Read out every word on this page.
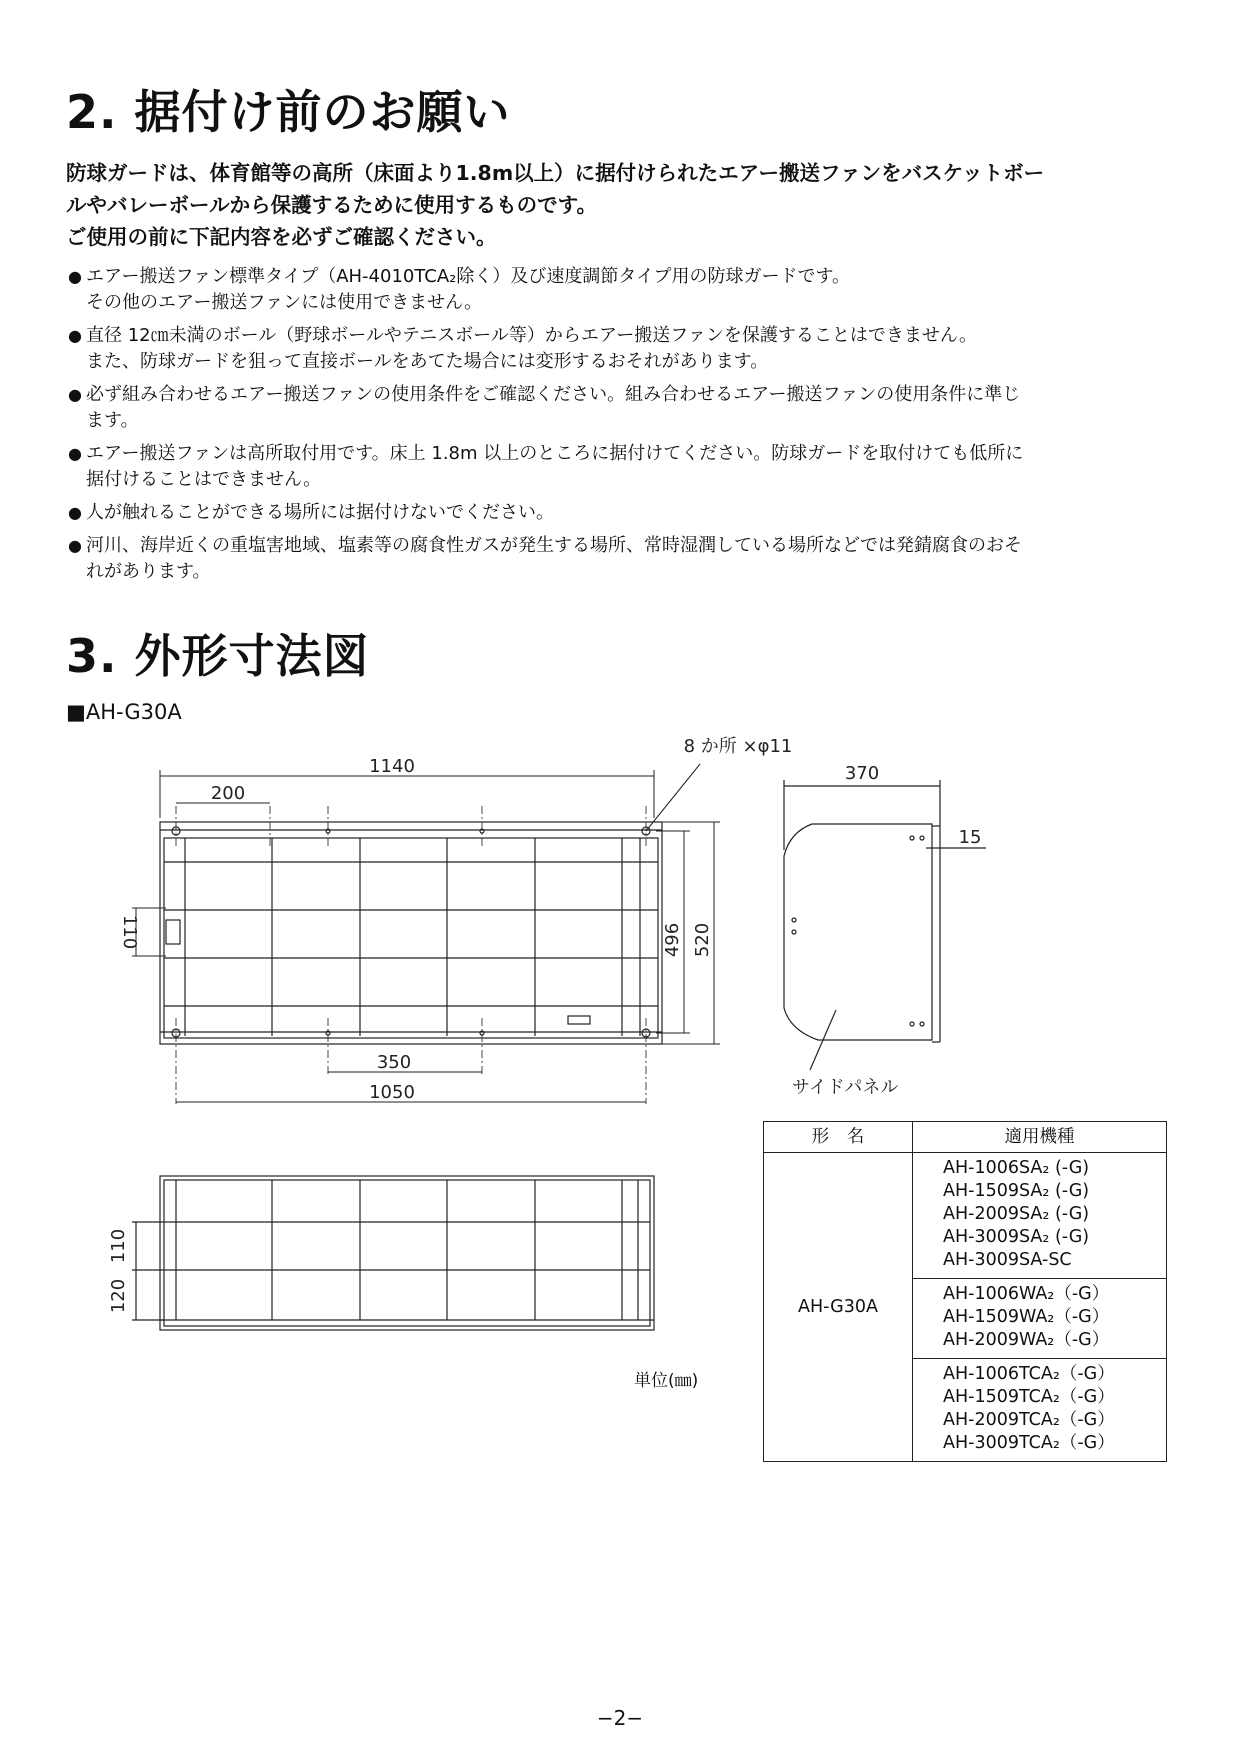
2. 据付け前のお願い
防球ガードは、体育館等の高所（床面より1.8m以上）に据付けられたエアー搬送ファンをバスケットボー
ルやバレーボールから保護するために使用するものです。
ご使用の前に下記内容を必ずご確認ください。
● エアー搬送ファン標準タイプ（AH-4010TCA₂除く）及び速度調節タイプ用の防球ガードです。
その他のエアー搬送ファンには使用できません。
● 直径 12㎝未満のボール（野球ボールやテニスボール等）からエアー搬送ファンを保護することはできません。
また、防球ガードを狙って直接ボールをあてた場合には変形するおそれがあります。
● 必ず組み合わせるエアー搬送ファンの使用条件をご確認ください。組み合わせるエアー搬送ファンの使用条件に準じ
ます。
● エアー搬送ファンは高所取付用です。床上 1.8m 以上のところに据付けてください。防球ガードを取付けても低所に
据付けることはできません。
● 人が触れることができる場所には据付けないでください。
● 河川、海岸近くの重塩害地域、塩素等の腐食性ガスが発生する場所、常時湿潤している場所などでは発錆腐食のおそ
れがあります。
3. 外形寸法図
■AH-G30A
1140
200
8 か所 ×φ11
350
1050
110	496 520
370
15
サイドパネル
110
120
単位(㎜)
形　名	適用機種
AH-G30A	AH-1006SA₂ (-G)
AH-1509SA₂ (-G)
AH-2009SA₂ (-G)
AH-3009SA₂ (-G)
AH-3009SA-SC

	AH-1006WA₂（-G）
AH-1509WA₂（-G）
AH-2009WA₂（-G）

	AH-1006TCA₂（-G）
AH-1509TCA₂（-G）
AH-2009TCA₂（-G）
AH-3009TCA₂（-G）
−2−
